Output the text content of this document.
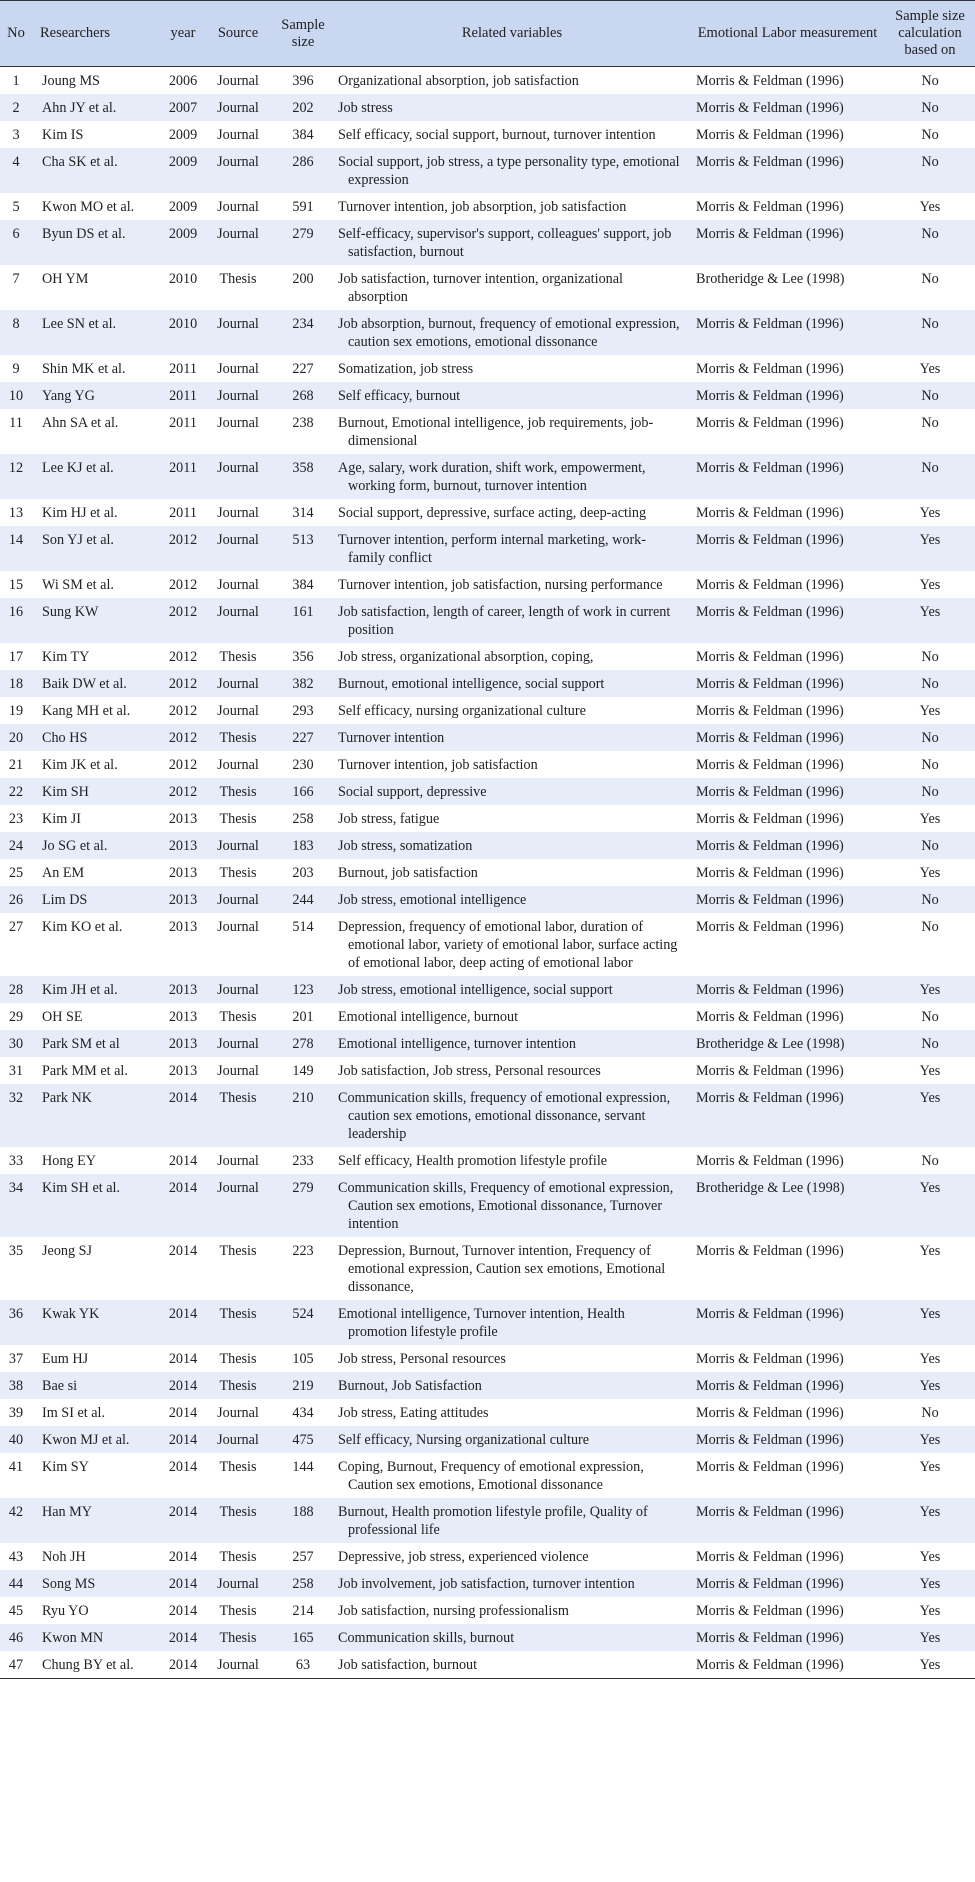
No	Researchers	year	Source	Sample size	Related variables	Emotional Labor measurement	Sample size calculation based on
1	Joung MS	2006	Journal	396	Organizational absorption, job satisfaction	Morris & Feldman (1996)	No
2	Ahn JY et al.	2007	Journal	202	Job stress	Morris & Feldman (1996)	No
3	Kim IS	2009	Journal	384	Self efficacy, social support, burnout, turnover intention	Morris & Feldman (1996)	No
4	Cha SK et al.	2009	Journal	286	Social support, job stress, a type personality type, emotional expression	Morris & Feldman (1996)	No
5	Kwon MO et al.	2009	Journal	591	Turnover intention, job absorption, job satisfaction	Morris & Feldman (1996)	Yes
6	Byun DS et al.	2009	Journal	279	Self-efficacy, supervisor's support, colleagues' support, job satisfaction, burnout	Morris & Feldman (1996)	No
7	OH YM	2010	Thesis	200	Job satisfaction, turnover intention, organizational absorption	Brotheridge & Lee (1998)	No
8	Lee SN et al.	2010	Journal	234	Job absorption, burnout, frequency of emotional expression, caution sex emotions, emotional dissonance	Morris & Feldman (1996)	No
9	Shin MK et al.	2011	Journal	227	Somatization, job stress	Morris & Feldman (1996)	Yes
10	Yang YG	2011	Journal	268	Self efficacy, burnout	Morris & Feldman (1996)	No
11	Ahn SA et al.	2011	Journal	238	Burnout, Emotional intelligence, job requirements, job-dimensional	Morris & Feldman (1996)	No
12	Lee KJ et al.	2011	Journal	358	Age, salary, work duration, shift work, empowerment, working form, burnout, turnover intention	Morris & Feldman (1996)	No
13	Kim HJ et al.	2011	Journal	314	Social support, depressive, surface acting, deep-acting	Morris & Feldman (1996)	Yes
14	Son YJ et al.	2012	Journal	513	Turnover intention, perform internal marketing, work-family conflict	Morris & Feldman (1996)	Yes
15	Wi SM et al.	2012	Journal	384	Turnover intention, job satisfaction, nursing performance	Morris & Feldman (1996)	Yes
16	Sung KW	2012	Journal	161	Job satisfaction, length of career, length of work in current position	Morris & Feldman (1996)	Yes
17	Kim TY	2012	Thesis	356	Job stress, organizational absorption, coping,	Morris & Feldman (1996)	No
18	Baik DW et al.	2012	Journal	382	Burnout, emotional intelligence, social support	Morris & Feldman (1996)	No
19	Kang MH et al.	2012	Journal	293	Self efficacy, nursing organizational culture	Morris & Feldman (1996)	Yes
20	Cho HS	2012	Thesis	227	Turnover intention	Morris & Feldman (1996)	No
21	Kim JK et al.	2012	Journal	230	Turnover intention, job satisfaction	Morris & Feldman (1996)	No
22	Kim SH	2012	Thesis	166	Social support, depressive	Morris & Feldman (1996)	No
23	Kim JI	2013	Thesis	258	Job stress, fatigue	Morris & Feldman (1996)	Yes
24	Jo SG et al.	2013	Journal	183	Job stress, somatization	Morris & Feldman (1996)	No
25	An EM	2013	Thesis	203	Burnout, job satisfaction	Morris & Feldman (1996)	Yes
26	Lim DS	2013	Journal	244	Job stress, emotional intelligence	Morris & Feldman (1996)	No
27	Kim KO et al.	2013	Journal	514	Depression, frequency of emotional labor, duration of emotional labor, variety of emotional labor, surface acting of emotional labor, deep acting of emotional labor	Morris & Feldman (1996)	No
28	Kim JH et al.	2013	Journal	123	Job stress, emotional intelligence, social support	Morris & Feldman (1996)	Yes
29	OH SE	2013	Thesis	201	Emotional intelligence, burnout	Morris & Feldman (1996)	No
30	Park SM et al	2013	Journal	278	Emotional intelligence, turnover intention	Brotheridge & Lee (1998)	No
31	Park MM et al.	2013	Journal	149	Job satisfaction, Job stress, Personal resources	Morris & Feldman (1996)	Yes
32	Park NK	2014	Thesis	210	Communication skills, frequency of emotional expression, caution sex emotions, emotional dissonance, servant leadership	Morris & Feldman (1996)	Yes
33	Hong EY	2014	Journal	233	Self efficacy, Health promotion lifestyle profile	Morris & Feldman (1996)	No
34	Kim SH et al.	2014	Journal	279	Communication skills, Frequency of emotional expression, Caution sex emotions, Emotional dissonance, Turnover intention	Brotheridge & Lee (1998)	Yes
35	Jeong SJ	2014	Thesis	223	Depression, Burnout, Turnover intention, Frequency of emotional expression, Caution sex emotions, Emotional dissonance,	Morris & Feldman (1996)	Yes
36	Kwak YK	2014	Thesis	524	Emotional intelligence, Turnover intention, Health promotion lifestyle profile	Morris & Feldman (1996)	Yes
37	Eum HJ	2014	Thesis	105	Job stress, Personal resources	Morris & Feldman (1996)	Yes
38	Bae si	2014	Thesis	219	Burnout, Job Satisfaction	Morris & Feldman (1996)	Yes
39	Im SI et al.	2014	Journal	434	Job stress, Eating attitudes	Morris & Feldman (1996)	No
40	Kwon MJ et al.	2014	Journal	475	Self efficacy, Nursing organizational culture	Morris & Feldman (1996)	Yes
41	Kim SY	2014	Thesis	144	Coping, Burnout, Frequency of emotional expression, Caution sex emotions, Emotional dissonance	Morris & Feldman (1996)	Yes
42	Han MY	2014	Thesis	188	Burnout, Health promotion lifestyle profile, Quality of professional life	Morris & Feldman (1996)	Yes
43	Noh JH	2014	Thesis	257	Depressive, job stress, experienced violence	Morris & Feldman (1996)	Yes
44	Song MS	2014	Journal	258	Job involvement, job satisfaction, turnover intention	Morris & Feldman (1996)	Yes
45	Ryu YO	2014	Thesis	214	Job satisfaction, nursing professionalism	Morris & Feldman (1996)	Yes
46	Kwon MN	2014	Thesis	165	Communication skills, burnout	Morris & Feldman (1996)	Yes
47	Chung BY et al.	2014	Journal	63	Job satisfaction, burnout	Morris & Feldman (1996)	Yes
